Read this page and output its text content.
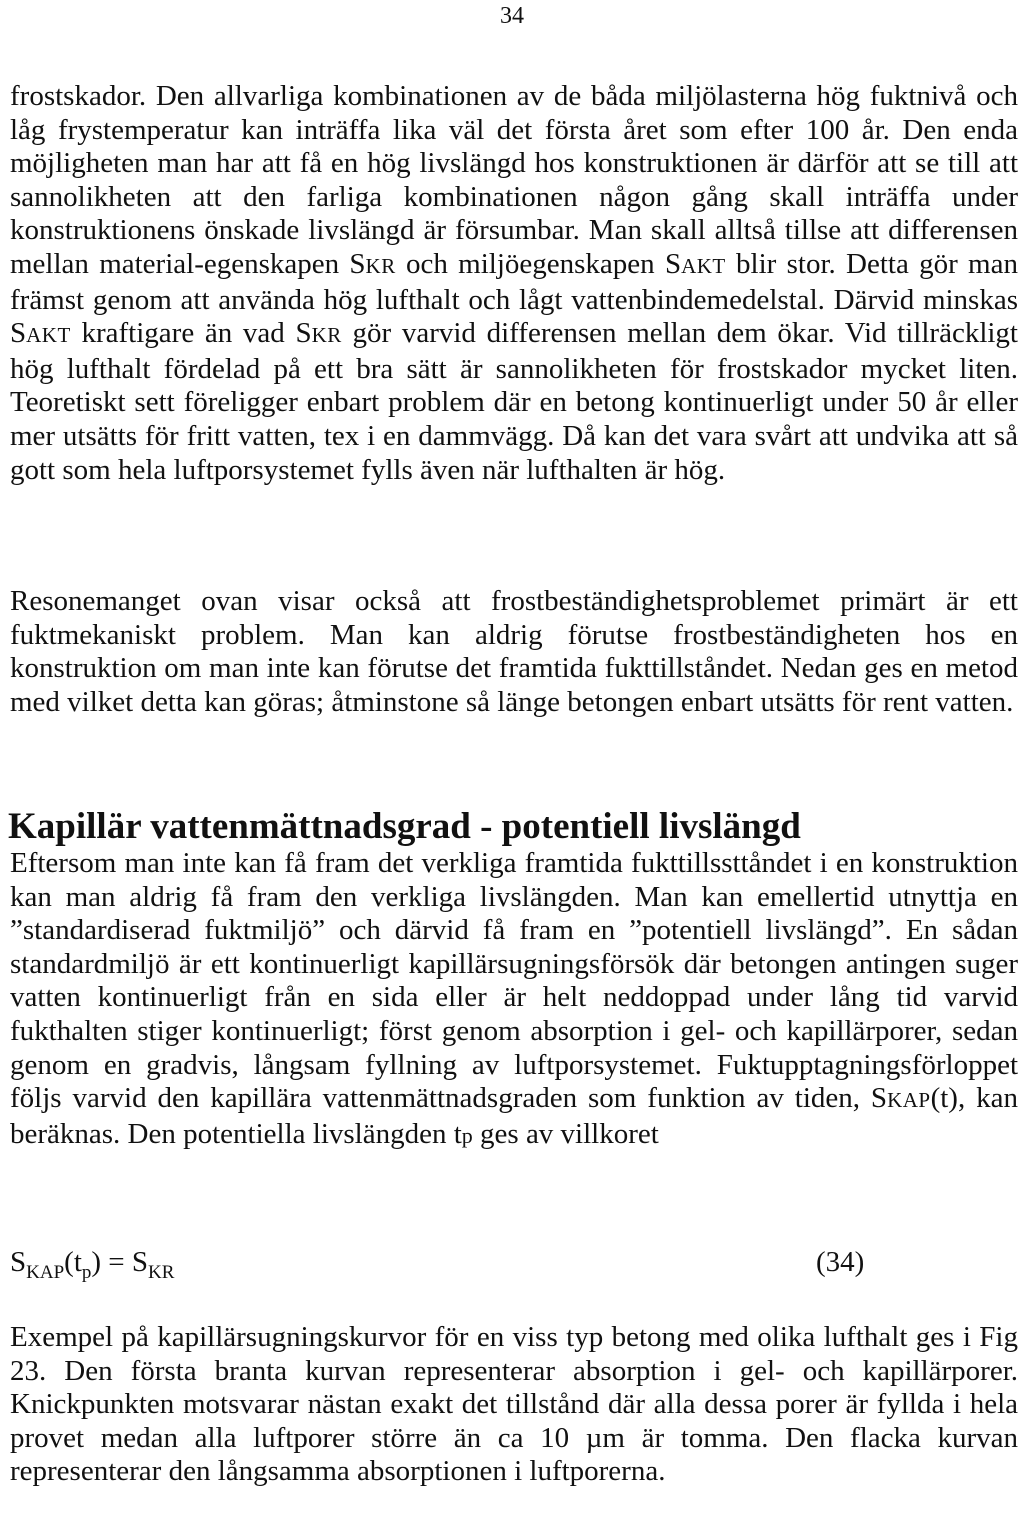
34

frostskador. Den allvarliga kombinationen av de båda miljölasterna hög fuktnivå och låg frystemperatur kan inträffa lika väl det första året som efter 100 år. Den enda möjligheten man har att få en hög livslängd hos konstruktionen är därför att se till att sannolikheten att den farliga kombinationen någon gång skall inträffa under konstruktionens önskade livslängd är försumbar. Man skall alltså tillse att differensen mellan material-egenskapen SKR och miljöegenskapen SAKT blir stor. Detta gör man främst genom att använda hög lufthalt och lågt vattenbindemedelstal. Därvid minskas SAKT kraftigare än vad SKR gör varvid differensen mellan dem ökar. Vid tillräckligt hög lufthalt fördelad på ett bra sätt är sannolikheten för frostskador mycket liten. Teoretiskt sett föreligger enbart problem där en betong kontinuerligt under 50 år eller mer utsätts för fritt vatten, tex i en dammvägg. Då kan det vara svårt att undvika att så gott som hela luftporsystemet fylls även när lufthalten är hög.

Resonemanget ovan visar också att frostbeständighetsproblemet primärt är ett fuktmekaniskt problem. Man kan aldrig förutse frostbeständigheten hos en konstruktion om man inte kan förutse det framtida fukttillståndet. Nedan ges en metod med vilket detta kan göras; åtminstone så länge betongen enbart utsätts för rent vatten.

Kapillär vattenmättnadsgrad - potentiell livslängd

Eftersom man inte kan få fram det verkliga framtida fukttillssttåndet i en konstruktion kan man aldrig få fram den verkliga livslängden. Man kan emellertid utnyttja en ”standardiserad fuktmiljö” och därvid få fram en ”potentiell livslängd”. En sådan standardmiljö är ett kontinuerligt kapillärsugningsförsök där betongen antingen suger vatten kontinuerligt från en sida eller är helt neddoppad under lång tid varvid fukthalten stiger kontinuerligt; först genom absorption i gel- och kapillärporer, sedan genom en gradvis, långsam fyllning av luftporsystemet. Fuktupptagningsförloppet följs varvid den kapillära vattenmättnadsgraden som funktion av tiden, SKAP(t), kan beräknas. Den potentiella livslängden tp ges av villkoret

$S_{KAP}(t_p) = S_{KR}$	(34)

Exempel på kapillärsugningskurvor för en viss typ betong med olika lufthalt ges i Fig 23. Den första branta kurvan representerar absorption i gel- och kapillärporer. Knickpunkten motsvarar nästan exakt det tillstånd där alla dessa porer är fyllda i hela provet medan alla luftporer större än ca 10 µm är tomma. Den flacka kurvan representerar den långsamma absorptionen i luftporerna.
